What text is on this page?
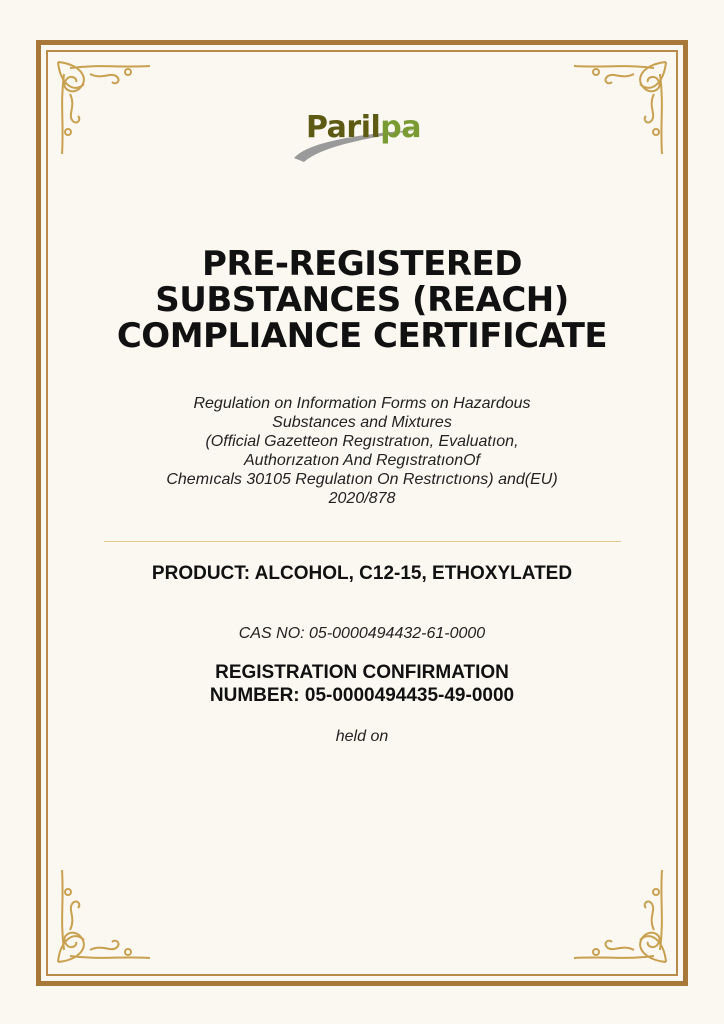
Parilpa
PRE-REGISTERED
SUBSTANCES (REACH)
COMPLIANCE CERTIFICATE
Regulation on Information Forms on Hazardous
Substances and Mixtures
(Official Gazetteon Regıstratıon, Evaluatıon,
Authorızatıon And RegıstratıonOf
Chemıcals 30105 Regulatıon On Restrıctıons) and(EU)
2020/878
PRODUCT: ALCOHOL, C12-15, ETHOXYLATED
CAS NO: 05-0000494432-61-0000
REGISTRATION CONFIRMATION
NUMBER: 05-0000494435-49-0000
held on
